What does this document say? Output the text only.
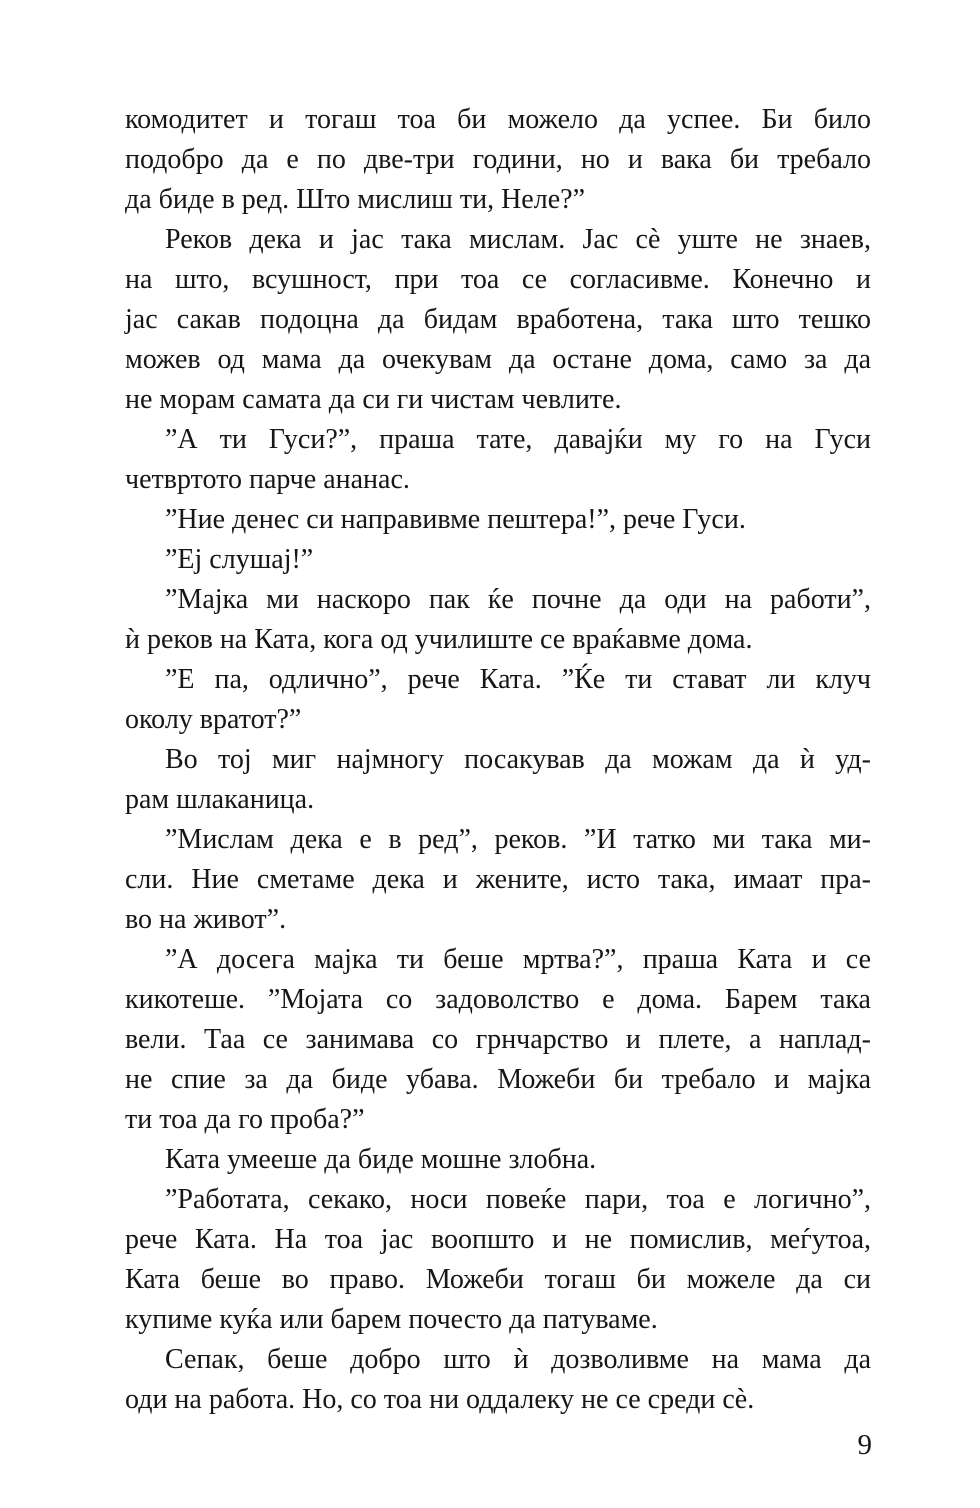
комодитет и тогаш тоа би можело да успее. Би било
подобро да е по две-три години, но и вака би требало
да биде в ред. Што мислиш ти, Неле?”
Реков дека и јас така мислам. Јас сè уште не знаев,
на што, всушност, при тоа се согласивме. Конечно и
јас сакав подоцна да бидам вработена, така што тешко
можев од мама да очекувам да остане дома, само за да
не морам самата да си ги чистам чевлите.
”А ти Гуси?”, праша тате, давајќи му го на Гуси
четвртото парче ананас.
”Ние денес си направивме пештера!”, рече Гуси.
”Еј слушај!”
”Мајка ми наскоро пак ќе почне да оди на работи”,
ѝ реков на Ката, кога од училиште се враќавме дома.
”Е па, одлично”, рече Ката. ”Ќе ти стават ли клуч
околу вратот?”
Во тој миг најмногу посакував да можам да ѝ уд-
рам шлаканица.
”Мислам дека е в ред”, реков. ”И татко ми така ми-
сли. Ние сметаме дека и жените, исто така, имаат пра-
во на живот”.
”А досега мајка ти беше мртва?”, праша Ката и се
кикотеше. ”Мојата со задоволство е дома. Барем така
вели. Таа се занимава со грнчарство и плете, а наплад-
не спие за да биде убава. Можеби би требало и мајка
ти тоа да го проба?”
Ката умееше да биде мошне злобна.
”Работата, секако, носи повеќе пари, тоа е логично”,
рече Ката. На тоа јас воопшто и не помислив, меѓутоа,
Ката беше во право. Можеби тогаш би можеле да си
купиме куќа или барем почесто да патуваме.
Сепак, беше добро што ѝ дозволивме на мама да
оди на работа. Но, со тоа ни оддалеку не се среди сè.
9
